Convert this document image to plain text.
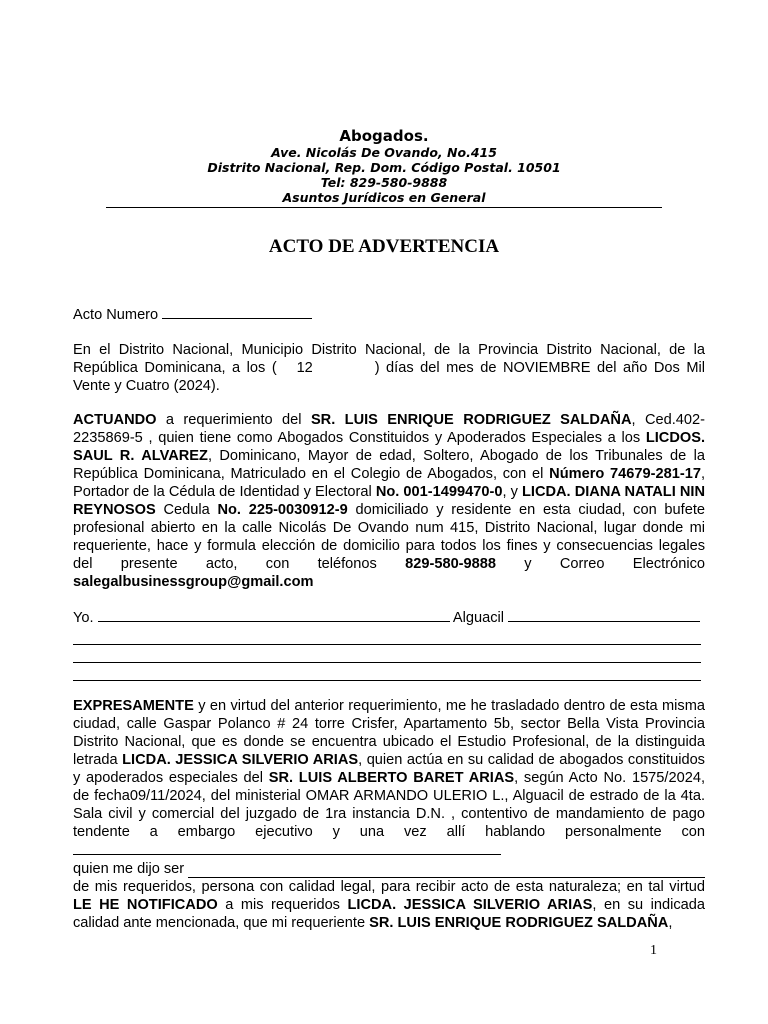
Abogados.
Ave. Nicolás De Ovando, No.415
Distrito Nacional, Rep. Dom. Código Postal. 10501
Tel: 829-580-9888
Asuntos Jurídicos en General
ACTO DE ADVERTENCIA
Acto Numero
En el Distrito Nacional, Municipio Distrito Nacional, de la Provincia Distrito Nacional, de la República Dominicana, a los ( 12	) días del mes de NOVIEMBRE del año Dos Mil Vente y Cuatro (2024).
ACTUANDO a requerimiento del SR. LUIS ENRIQUE RODRIGUEZ SALDAÑA, Ced.402-2235869-5 , quien tiene como Abogados Constituidos y Apoderados Especiales a los LICDOS. SAUL R. ALVAREZ, Dominicano, Mayor de edad, Soltero, Abogado de los Tribunales de la República Dominicana, Matriculado en el Colegio de Abogados, con el Número 74679-281-17, Portador de la Cédula de Identidad y Electoral No. 001-1499470-0, y LICDA. DIANA NATALI NIN REYNOSOS Cedula No. 225-0030912-9 domiciliado y residente en esta ciudad, con bufete profesional abierto en la calle Nicolás De Ovando num 415, Distrito Nacional, lugar donde mi requeriente, hace y formula elección de domicilio para todos los fines y consecuencias legales del presente acto, con teléfonos 829-580-9888 y Correo Electrónico salegalbusinessgroup@gmail.com
Yo.	Alguacil
EXPRESAMENTE y en virtud del anterior requerimiento, me he trasladado dentro de esta misma ciudad, calle Gaspar Polanco # 24 torre Crisfer, Apartamento 5b, sector Bella Vista Provincia Distrito Nacional, que es donde se encuentra ubicado el Estudio Profesional, de la distinguida letrada LICDA. JESSICA SILVERIO ARIAS, quien actúa en su calidad de abogados constituidos y apoderados especiales del SR. LUIS ALBERTO BARET ARIAS, según Acto No. 1575/2024, de fecha09/11/2024, del ministerial OMAR ARMANDO ULERIO L., Alguacil de estrado de la 4ta. Sala civil y comercial del juzgado de 1ra instancia D.N. , contentivo de mandamiento de pago tendente a embargo ejecutivo y una vez allí hablando personalmente con
quien me dijo ser
de mis requeridos, persona con calidad legal, para recibir acto de esta naturaleza; en tal virtud LE HE NOTIFICADO a mis requeridos LICDA. JESSICA SILVERIO ARIAS, en su indicada calidad ante mencionada, que mi requeriente SR. LUIS ENRIQUE RODRIGUEZ SALDAÑA,
1
